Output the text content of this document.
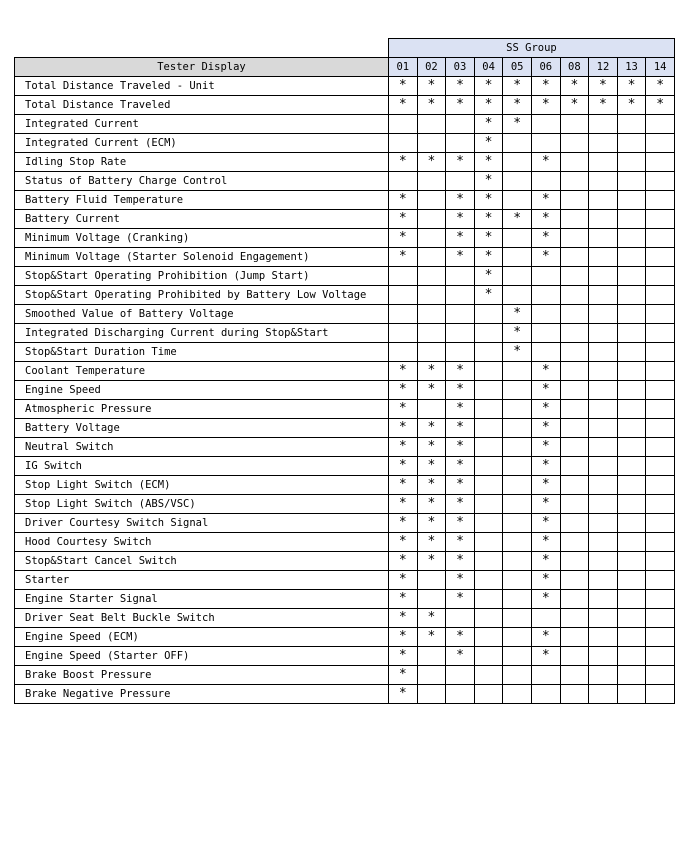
	SS Group									
Tester Display	01	02	03	04	05	06	08	12	13	14
Total Distance Traveled - Unit	*	*	*	*	*	*	*	*	*	*
Total Distance Traveled	*	*	*	*	*	*	*	*	*	*
Integrated Current				*	*					
Integrated Current (ECM)				*						
Idling Stop Rate	*	*	*	*		*				
Status of Battery Charge Control				*						
Battery Fluid Temperature	*		*	*		*				
Battery Current	*		*	*	*	*				
Minimum Voltage (Cranking)	*		*	*		*				
Minimum Voltage (Starter Solenoid Engagement)	*		*	*		*				
Stop&Start Operating Prohibition (Jump Start)				*						
Stop&Start Operating Prohibited by Battery Low Voltage				*						
Smoothed Value of Battery Voltage					*					
Integrated Discharging Current during Stop&Start					*					
Stop&Start Duration Time					*					
Coolant Temperature	*	*	*			*				
Engine Speed	*	*	*			*				
Atmospheric Pressure	*		*			*				
Battery Voltage	*	*	*			*				
Neutral Switch	*	*	*			*				
IG Switch	*	*	*			*				
Stop Light Switch (ECM)	*	*	*			*				
Stop Light Switch (ABS/VSC)	*	*	*			*				
Driver Courtesy Switch Signal	*	*	*			*				
Hood Courtesy Switch	*	*	*			*				
Stop&Start Cancel Switch	*	*	*			*				
Starter	*		*			*				
Engine Starter Signal	*		*			*				
Driver Seat Belt Buckle Switch	*	*								
Engine Speed (ECM)	*	*	*			*				
Engine Speed (Starter OFF)	*		*			*				
Brake Boost Pressure	*									
Brake Negative Pressure	*									
